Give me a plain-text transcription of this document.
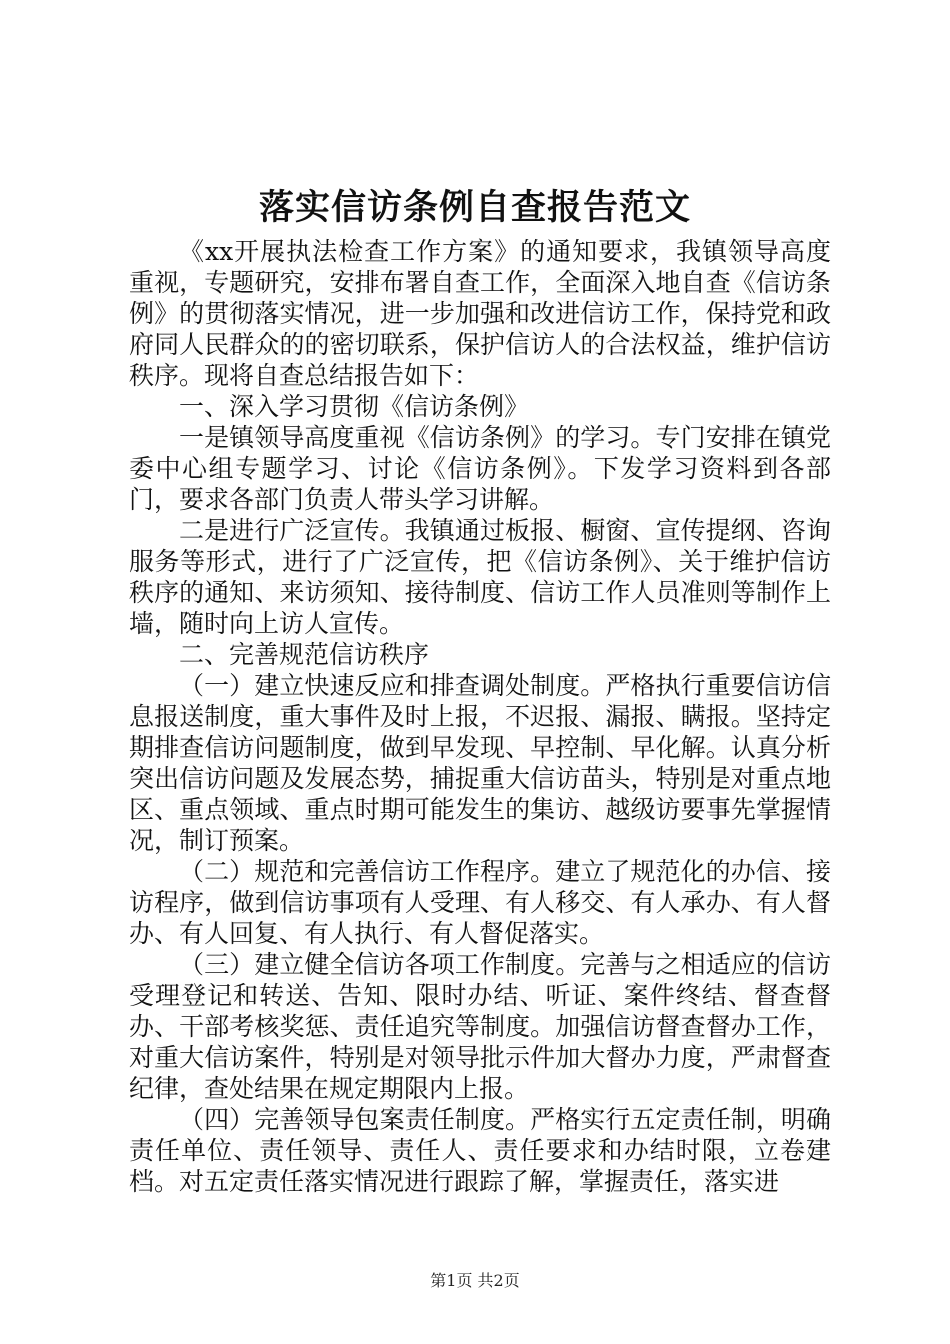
落实信访条例自查报告范文

《xx开展执法检查工作方案》的通知要求，我镇领导高度重视，专题研究，安排布署自查工作，全面深入地自查《信访条例》的贯彻落实情况，进一步加强和改进信访工作，保持党和政府同人民群众的的密切联系，保护信访人的合法权益，维护信访秩序。现将自查总结报告如下：

一、深入学习贯彻《信访条例》

一是镇领导高度重视《信访条例》的学习。专门安排在镇党委中心组专题学习、讨论《信访条例》。下发学习资料到各部门，要求各部门负责人带头学习讲解。

二是进行广泛宣传。我镇通过板报、橱窗、宣传提纲、咨询服务等形式，进行了广泛宣传，把《信访条例》、关于维护信访秩序的通知、来访须知、接待制度、信访工作人员准则等制作上墙，随时向上访人宣传。

二、完善规范信访秩序

（一）建立快速反应和排查调处制度。严格执行重要信访信息报送制度，重大事件及时上报，不迟报、漏报、瞒报。坚持定期排查信访问题制度，做到早发现、早控制、早化解。认真分析突出信访问题及发展态势，捕捉重大信访苗头，特别是对重点地区、重点领域、重点时期可能发生的集访、越级访要事先掌握情况，制订预案。

（二）规范和完善信访工作程序。建立了规范化的办信、接访程序，做到信访事项有人受理、有人移交、有人承办、有人督办、有人回复、有人执行、有人督促落实。

（三）建立健全信访各项工作制度。完善与之相适应的信访受理登记和转送、告知、限时办结、听证、案件终结、督查督办、干部考核奖惩、责任追究等制度。加强信访督查督办工作，对重大信访案件，特别是对领导批示件加大督办力度，严肃督查纪律，查处结果在规定期限内上报。

（四）完善领导包案责任制度。严格实行五定责任制，明确责任单位、责任领导、责任人、责任要求和办结时限，立卷建档。对五定责任落实情况进行跟踪了解，掌握责任，落实进

第1页 共2页
